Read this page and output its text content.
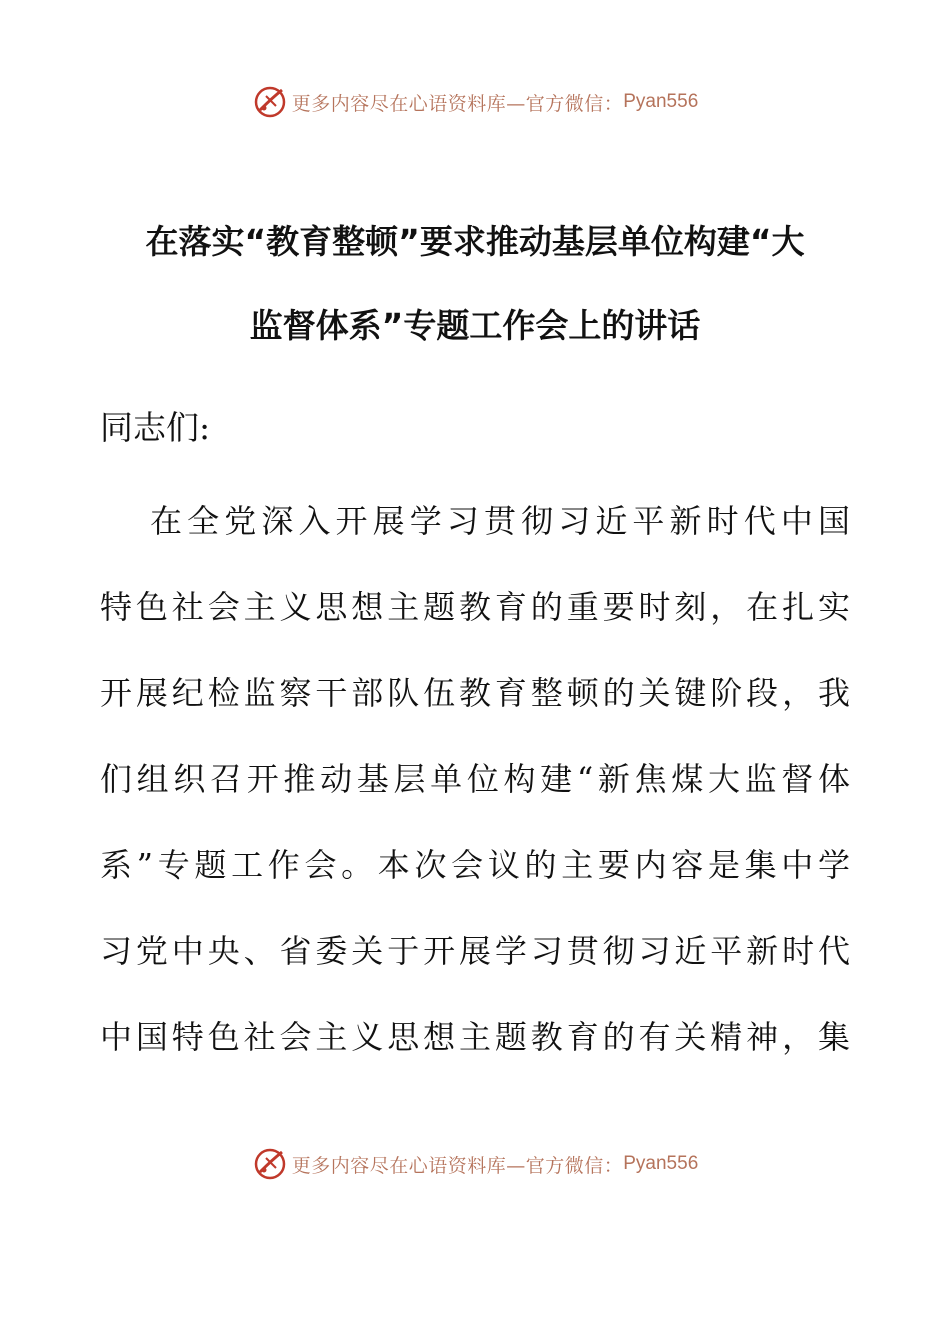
更多内容尽在心语资料库—官方微信： Pyan556
在落实“教育整顿”要求推动基层单位构建“大
监督体系”专题工作会上的讲话

同志们:

在全党深入开展学习贯彻习近平新时代中国
特色社会主义思想主题教育的重要时刻，在扎实
开展纪检监察干部队伍教育整顿的关键阶段，我
们组织召开推动基层单位构建“新焦煤大监督体
系”专题工作会。本次会议的主要内容是集中学
习党中央、省委关于开展学习贯彻习近平新时代
中国特色社会主义思想主题教育的有关精神，集
更多内容尽在心语资料库—官方微信： Pyan556
